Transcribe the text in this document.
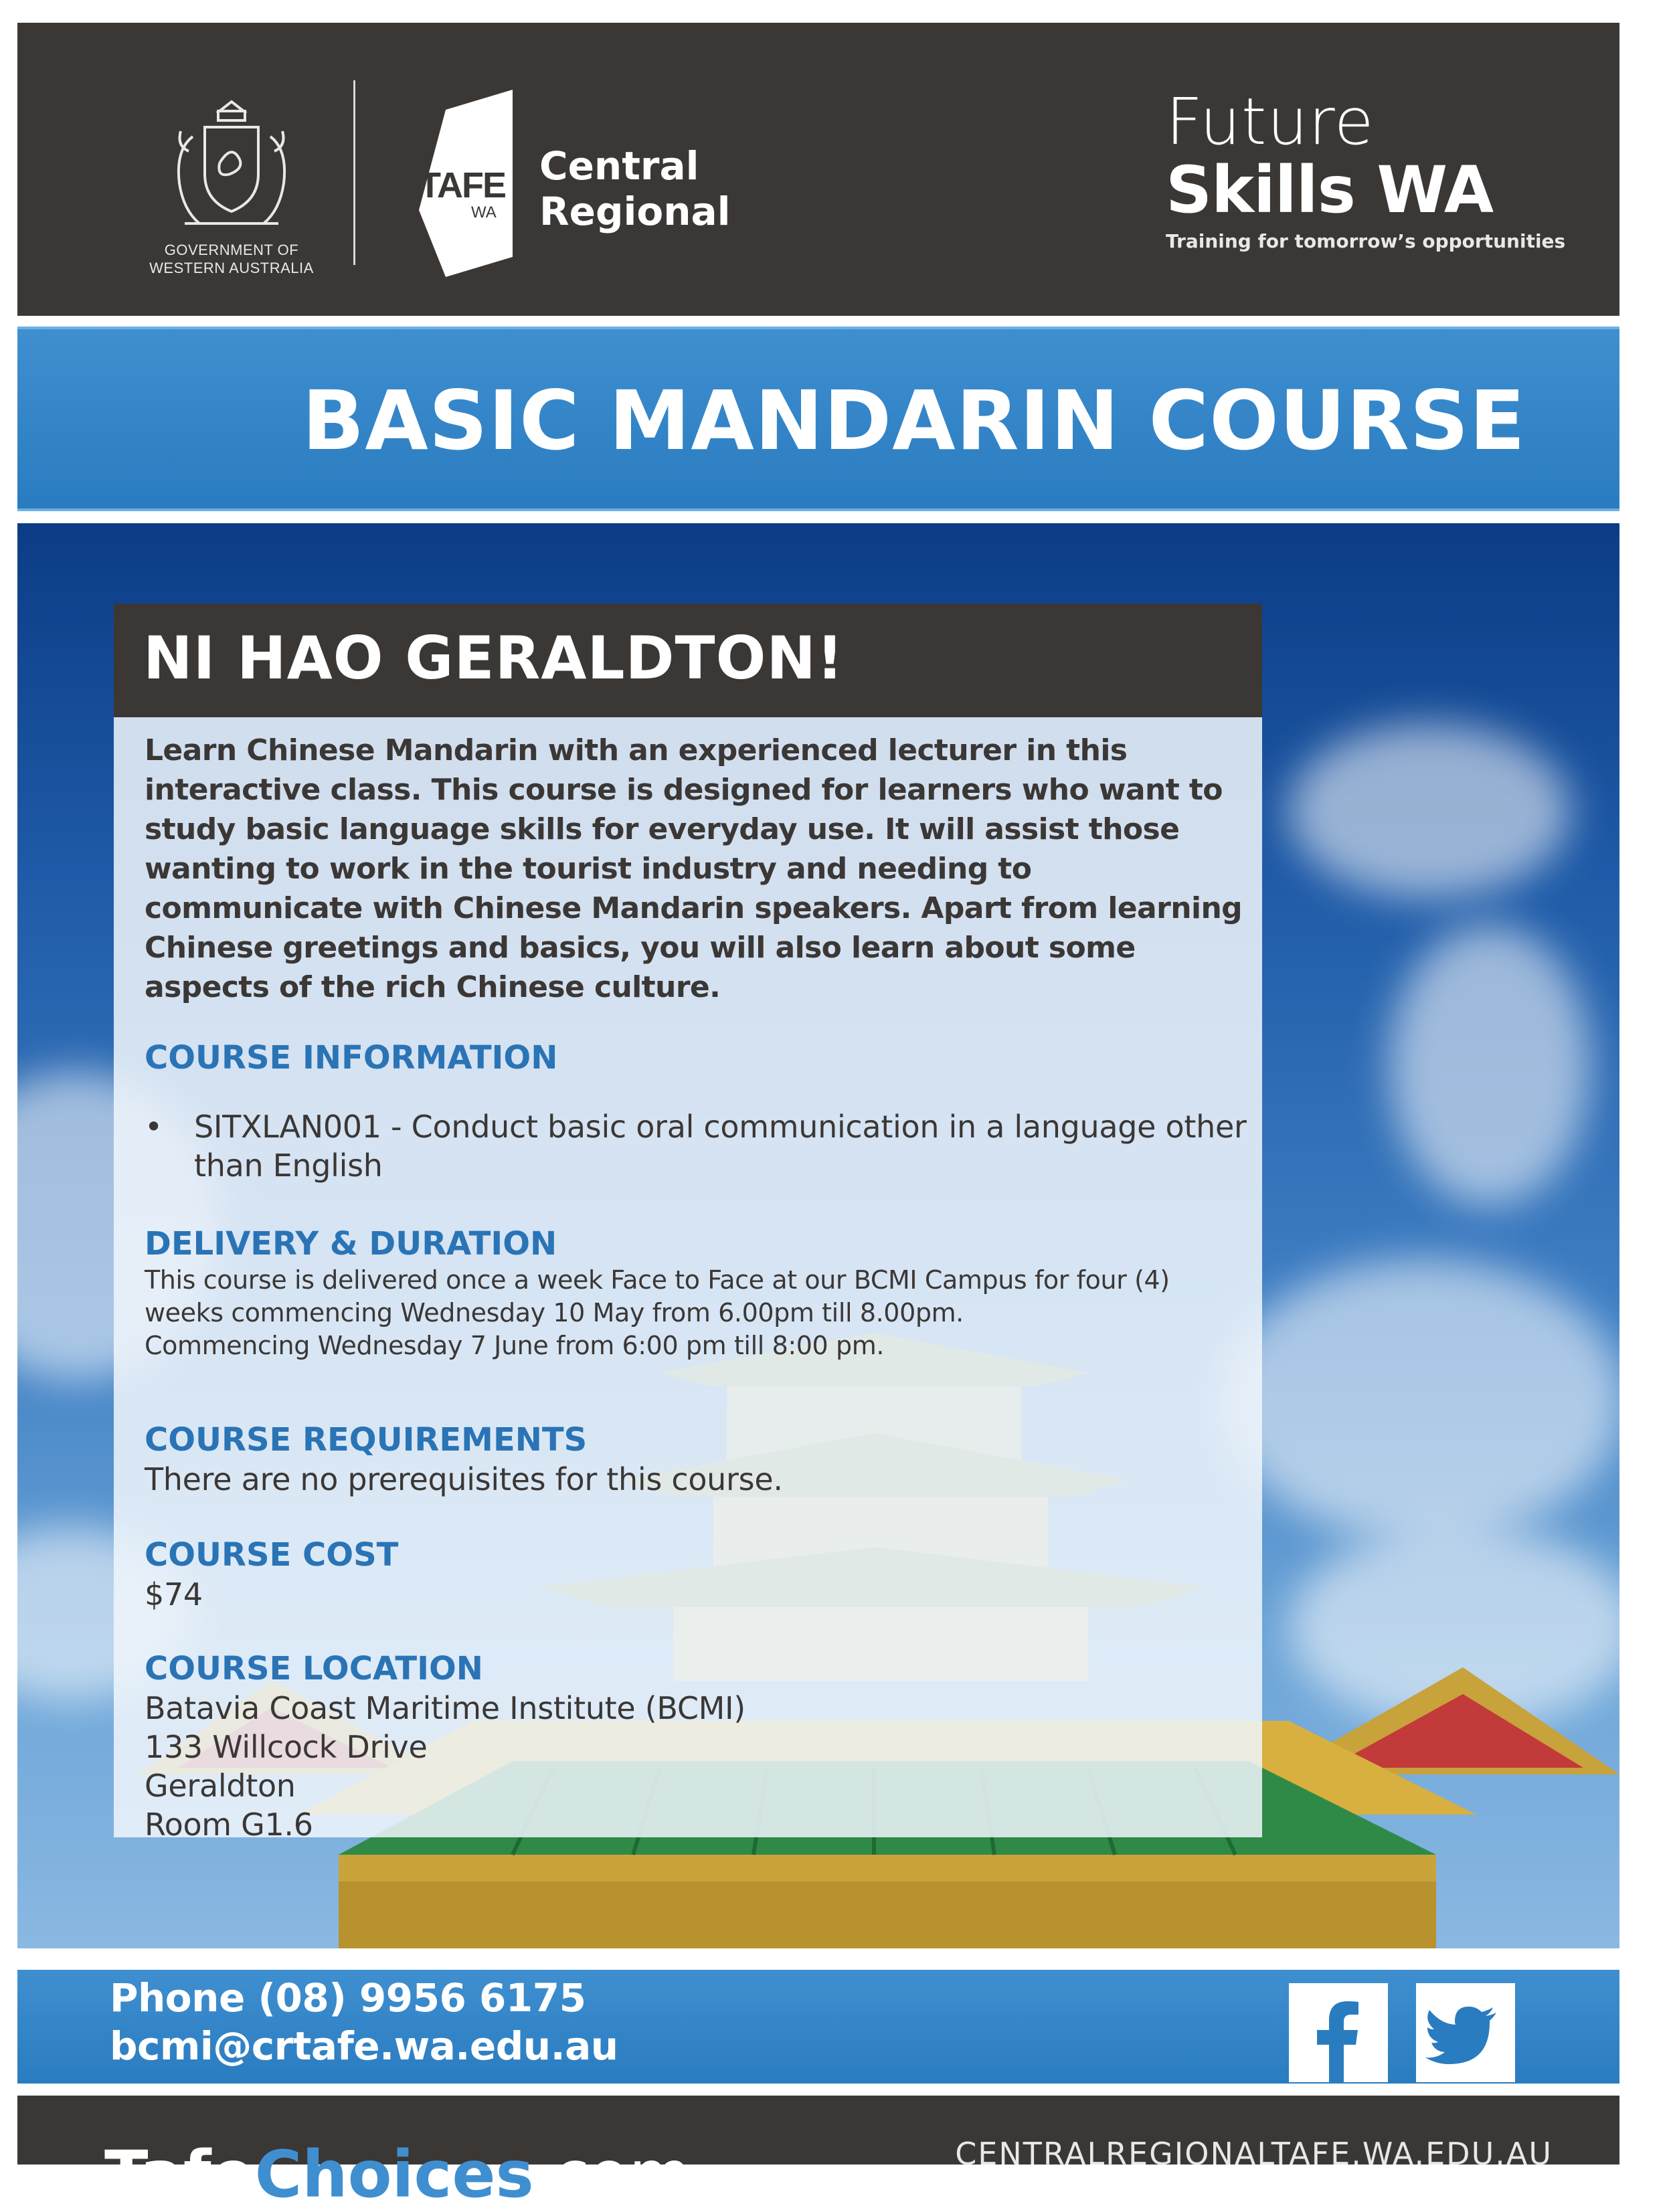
GOVERNMENT OF
WESTERN AUSTRALIA
TAFE
WA
Central
Regional
Future
Skills WA
Training for tomorrow’s opportunities
BASIC MANDARIN COURSE
NI HAO GERALDTON!

Learn Chinese Mandarin with an experienced lecturer in this interactive class. This course is designed for learners who want to study basic language skills for everyday use. It will assist those wanting to work in the tourist industry and needing to communicate with Chinese Mandarin speakers. Apart from learning Chinese greetings and basics, you will also learn about some aspects of the rich Chinese culture.

COURSE INFORMATION
• SITXLAN001 - Conduct basic oral communication in a language other than English
DELIVERY & DURATION
This course is delivered once a week Face to Face at our BCMI Campus for four (4)
weeks commencing Wednesday 10 May from 6.00pm till 8.00pm.
Commencing Wednesday 7 June from 6:00 pm till 8:00 pm.
COURSE REQUIREMENTS

There are no prerequisites for this course.

COURSE COST

$74

COURSE LOCATION
Batavia Coast Maritime Institute (BCMI)
133 Willcock Drive
Geraldton
Room G1.6
Phone (08) 9956 6175
bcmi@crtafe.wa.edu.au
TafeChoices.com	CENTRALREGIONALTAFE.WA.EDU.AU
